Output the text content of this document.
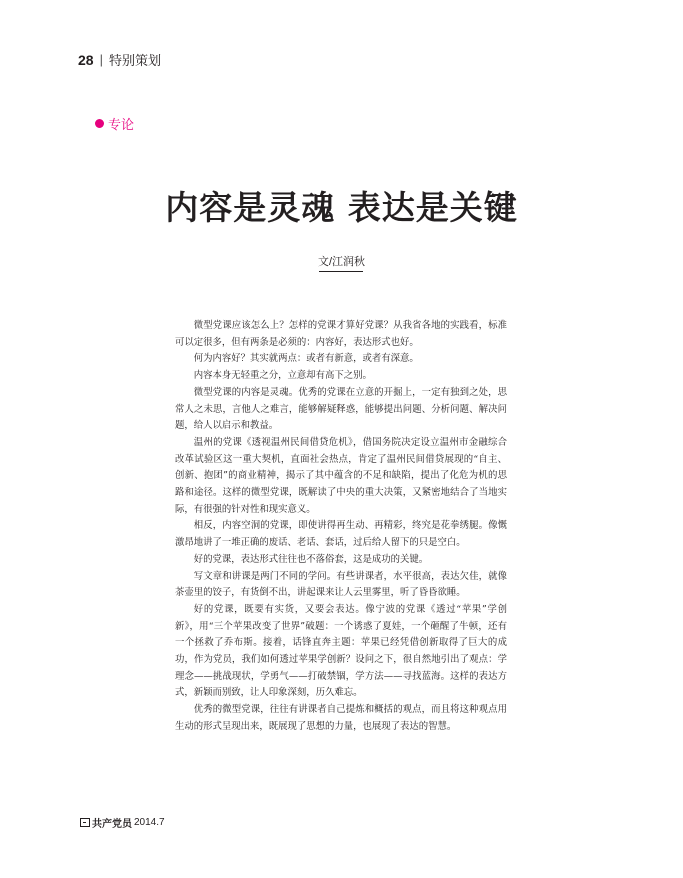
28 | 特别策划
专论
内容是灵魂 表达是关键
文/江润秋

微型党课应该怎么上？怎样的党课才算好党课？从我省各地的实践看，标准可以定很多，但有两条是必须的：内容好，表达形式也好。

何为内容好？其实就两点：或者有新意，或者有深意。

内容本身无轻重之分，立意却有高下之别。

微型党课的内容是灵魂。优秀的党课在立意的开掘上，一定有独到之处，思常人之未思，言他人之难言，能够解疑释惑，能够提出问题、分析问题、解决问题，给人以启示和教益。

温州的党课《透视温州民间借贷危机》，借国务院决定设立温州市金融综合改革试验区这一重大契机，直面社会热点，肯定了温州民间借贷展现的“自主、创新、抱团”的商业精神，揭示了其中蕴含的不足和缺陷，提出了化危为机的思路和途径。这样的微型党课，既解读了中央的重大决策，又紧密地结合了当地实际，有很强的针对性和现实意义。

相反，内容空洞的党课，即使讲得再生动、再精彩，终究是花拳绣腿。像慨激昂地讲了一堆正确的废话、老话、套话，过后给人留下的只是空白。

好的党课，表达形式往往也不落俗套，这是成功的关键。

写文章和讲课是两门不同的学问。有些讲课者，水平很高，表达欠佳，就像茶壶里的饺子，有货倒不出，讲起课来让人云里雾里，听了昏昏欲睡。

好的党课，既要有实货，又要会表达。像宁波的党课《透过“苹果”学创新》，用“三个苹果改变了世界”破题：一个诱惑了夏娃，一个砸醒了牛顿，还有一个拯救了乔布斯。接着，话锋直奔主题：苹果已经凭借创新取得了巨大的成功，作为党员，我们如何透过苹果学创新？设问之下，很自然地引出了观点：学理念——挑战现状，学勇气——打破禁锢，学方法——寻找蓝海。这样的表达方式，新颖而别致，让人印象深刻，历久难忘。

优秀的微型党课，往往有讲课者自己提炼和概括的观点，而且将这种观点用生动的形式呈现出来，既展现了思想的力量，也展现了表达的智慧。

共产党员 2014.7
